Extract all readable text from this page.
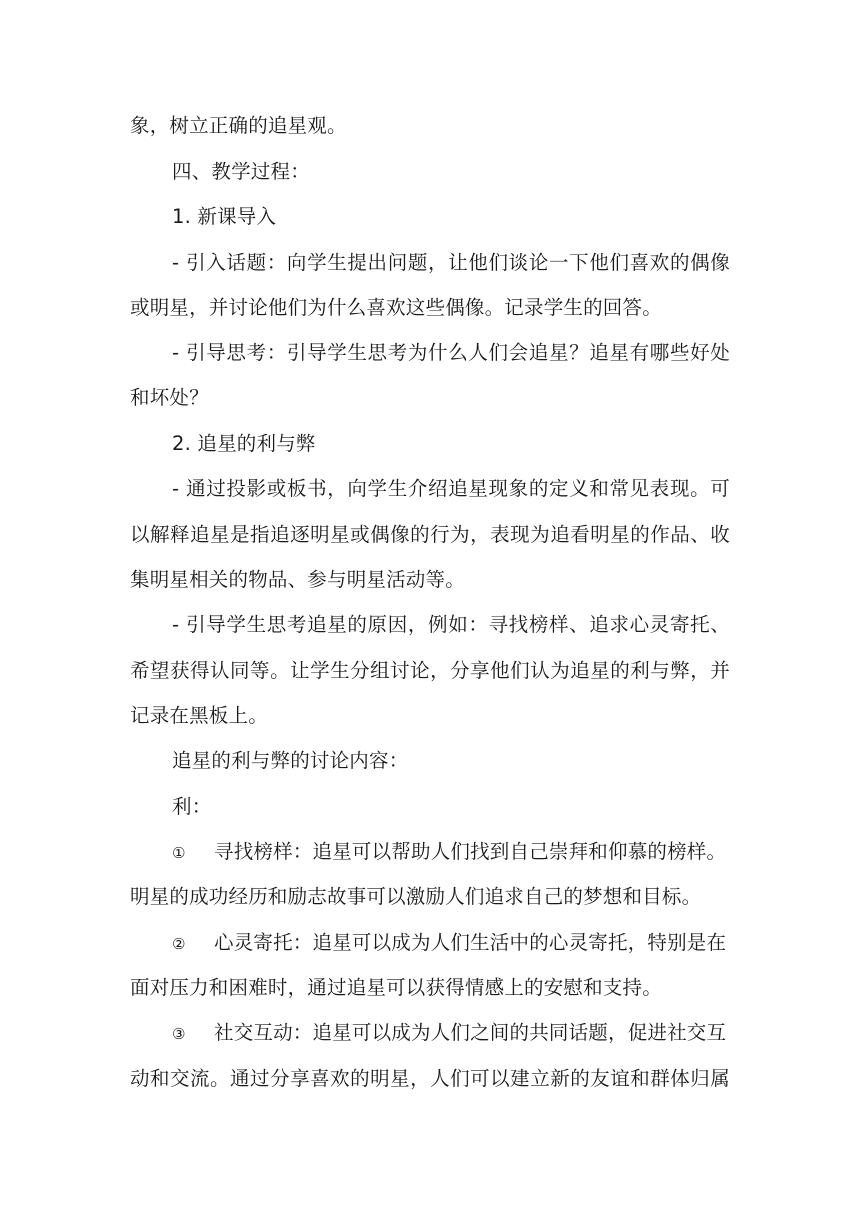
象，树立正确的追星观。
四、教学过程：
1. 新课导入
- 引入话题：向学生提出问题，让他们谈论一下他们喜欢的偶像
或明星，并讨论他们为什么喜欢这些偶像。记录学生的回答。
- 引导思考：引导学生思考为什么人们会追星？追星有哪些好处
和坏处？
2. 追星的利与弊
- 通过投影或板书，向学生介绍追星现象的定义和常见表现。可
以解释追星是指追逐明星或偶像的行为，表现为追看明星的作品、收
集明星相关的物品、参与明星活动等。
- 引导学生思考追星的原因，例如：寻找榜样、追求心灵寄托、
希望获得认同等。让学生分组讨论，分享他们认为追星的利与弊，并
记录在黑板上。
追星的利与弊的讨论内容：
利：
① 寻找榜样：追星可以帮助人们找到自己崇拜和仰慕的榜样。
明星的成功经历和励志故事可以激励人们追求自己的梦想和目标。
② 心灵寄托：追星可以成为人们生活中的心灵寄托，特别是在
面对压力和困难时，通过追星可以获得情感上的安慰和支持。
③ 社交互动：追星可以成为人们之间的共同话题，促进社交互
动和交流。通过分享喜欢的明星，人们可以建立新的友谊和群体归属
